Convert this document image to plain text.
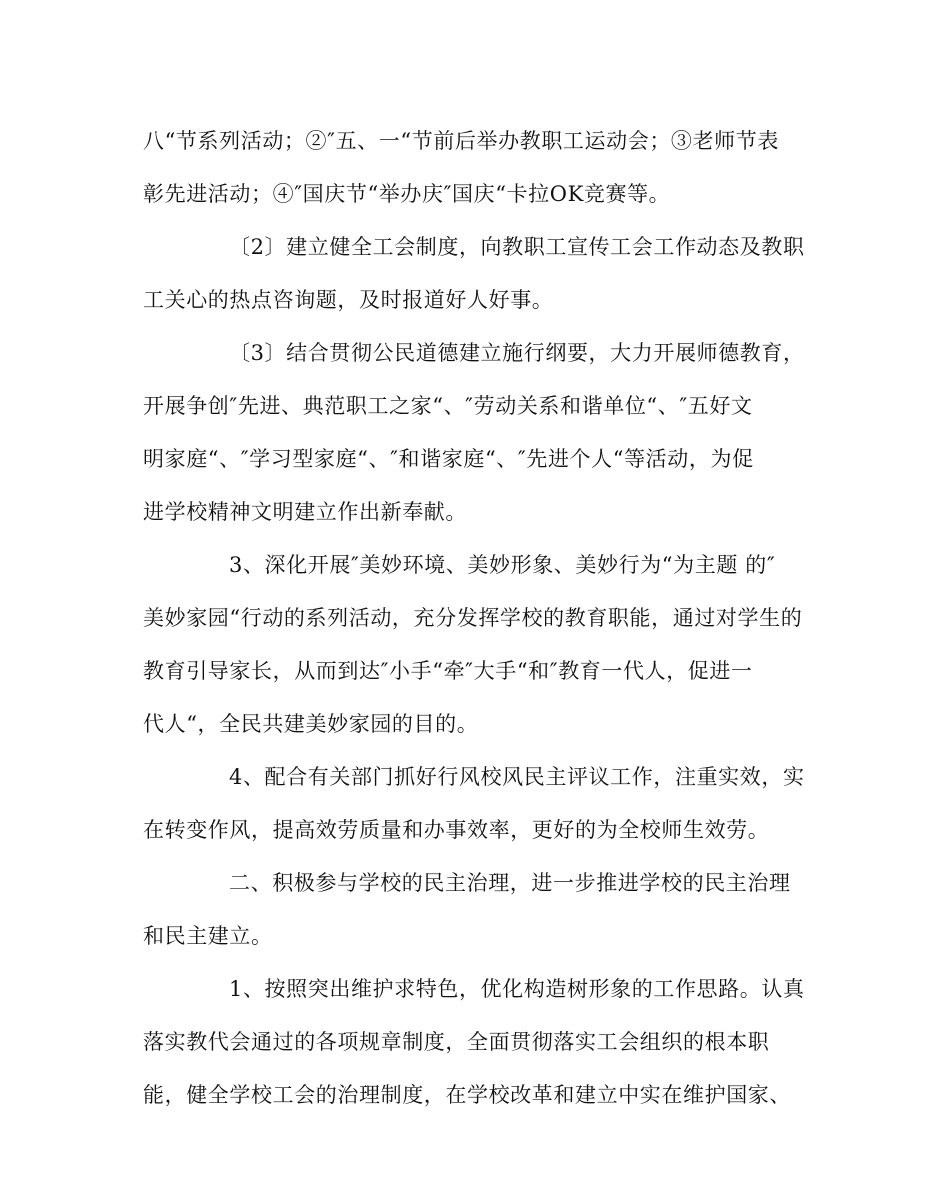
八“节系列活动；②″五、一“节前后举办教职工运动会；③老师节表
彰先进活动；④″国庆节“举办庆″国庆“卡拉OK竞赛等。
〔2〕建立健全工会制度，向教职工宣传工会工作动态及教职
工关心的热点咨询题，及时报道好人好事。
〔3〕结合贯彻公民道德建立施行纲要，大力开展师德教育，
开展争创″先进、典范职工之家“、″劳动关系和谐单位“、″五好文
明家庭“、″学习型家庭“、″和谐家庭“、″先进个人“等活动，为促
进学校精神文明建立作出新奉献。
3、深化开展″美妙环境、美妙形象、美妙行为“为主题 的″
美妙家园“行动的系列活动，充分发挥学校的教育职能，通过对学生的
教育引导家长，从而到达″小手“牵″大手“和″教育一代人，促进一
代人“，全民共建美妙家园的目的。
4、配合有关部门抓好行风校风民主评议工作，注重实效，实
在转变作风，提高效劳质量和办事效率，更好的为全校师生效劳。
二、积极参与学校的民主治理，进一步推进学校的民主治理
和民主建立。
1、按照突出维护求特色，优化构造树形象的工作思路。认真
落实教代会通过的各项规章制度，全面贯彻落实工会组织的根本职
能，健全学校工会的治理制度，在学校改革和建立中实在维护国家、
